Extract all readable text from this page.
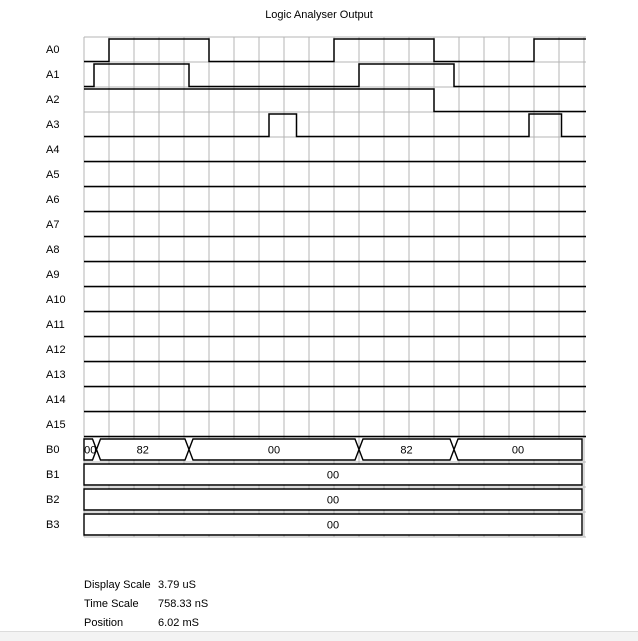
Logic Analyser Output
00	82	00	82	00
00
00
00
A0
A1
A2
A3
A4
A5
A6
A7
A8
A9
A10
A11
A12
A13
A14
A15
B0
B1
B2
B3
Display Scale 3.79 uS
Time Scale	758.33 nS
Position	6.02 mS
